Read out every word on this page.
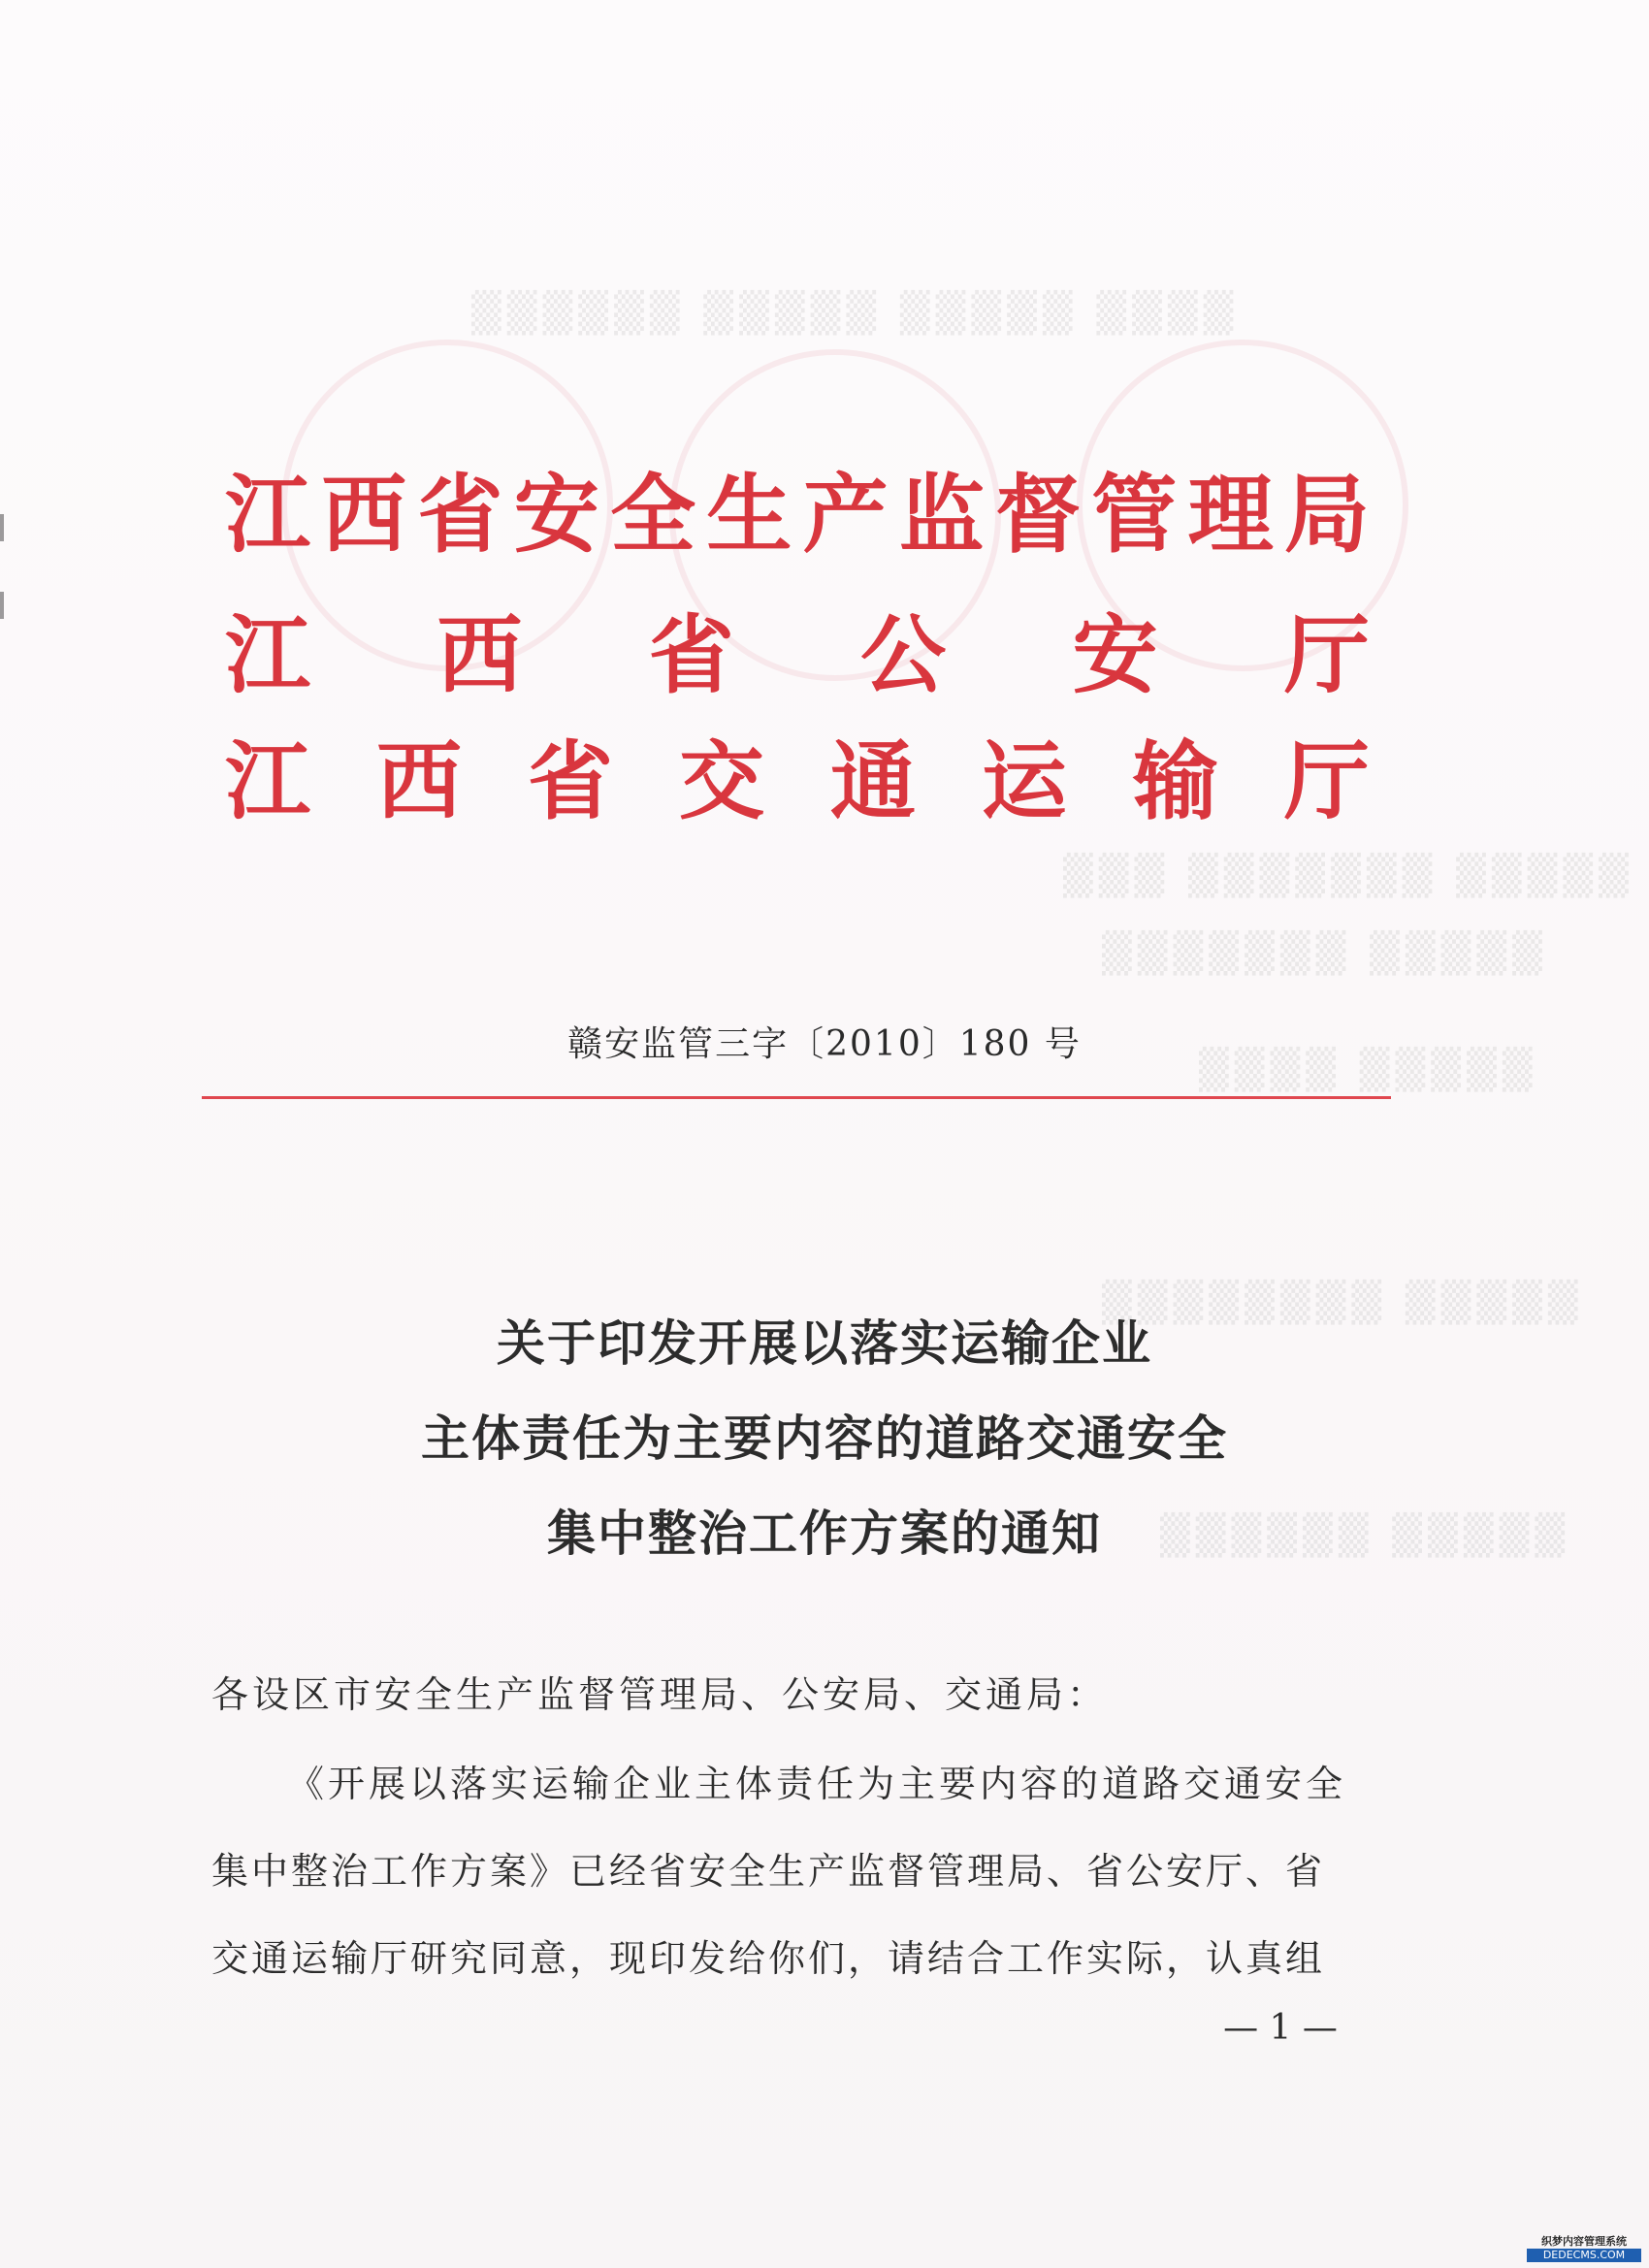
▒▒▒▒ ▒▒▒▒▒ ▒▒▒▒▒ ▒▒▒▒▒▒
▒▒▒▒▒ ▒▒▒▒▒▒▒ ▒▒▒
▒▒▒▒▒ ▒▒▒▒▒▒▒
▒▒▒▒▒ ▒▒▒▒
▒▒▒▒▒ ▒▒▒▒▒▒▒▒
▒▒▒▒▒ ▒▒▒▒▒▒
江 西 省 安 全 生 产 监 督 管 理 局
江 西 省 公 安 厅
江 西 省 交 通 运 输 厅
赣安监管三字〔2010〕180 号
关于印发开展以落实运输企业
主体责任为主要内容的道路交通安全
集中整治工作方案的通知
各设区市安全生产监督管理局、公安局、交通局：
《开展以落实运输企业主体责任为主要内容的道路交通安全
集中整治工作方案》已经省安全生产监督管理局、省公安厅、省
交通运输厅研究同意，现印发给你们，请结合工作实际，认真组
— 1 —
织梦内容管理系统
DEDECMS.COM
